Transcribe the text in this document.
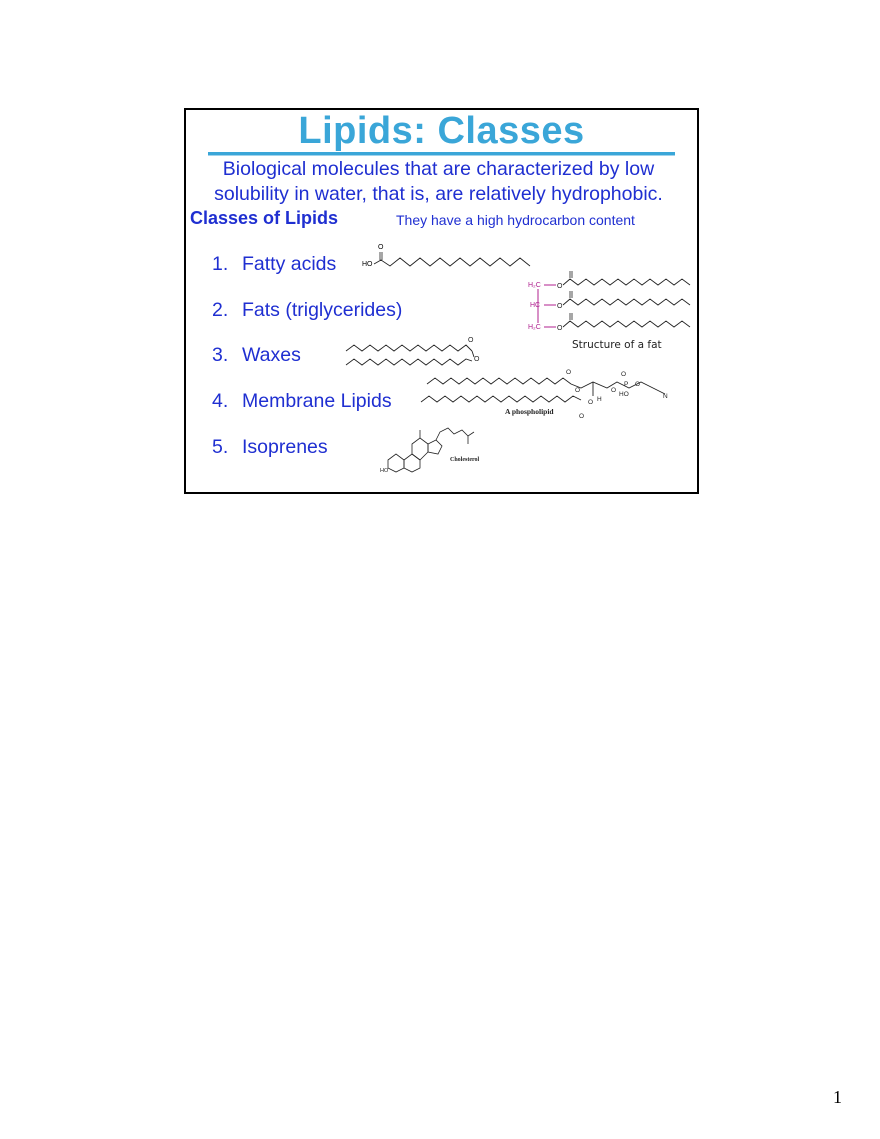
Lipids: Classes
Biological molecules that are characterized by low
solubility in water, that is, are relatively hydrophobic.
Classes of Lipids	They have a high hydrocarbon content
1. Fatty acids
2. Fats (triglycerides)
3. Waxes
4. Membrane Lipids
5. Isoprenes
HO
O
H₂C
HC
H₂C
O
O
O
Structure of a fat
O
O
O
O
O H
O
P
O
HO
O
N
O
A phospholipid
HO
Cholesterol
1
